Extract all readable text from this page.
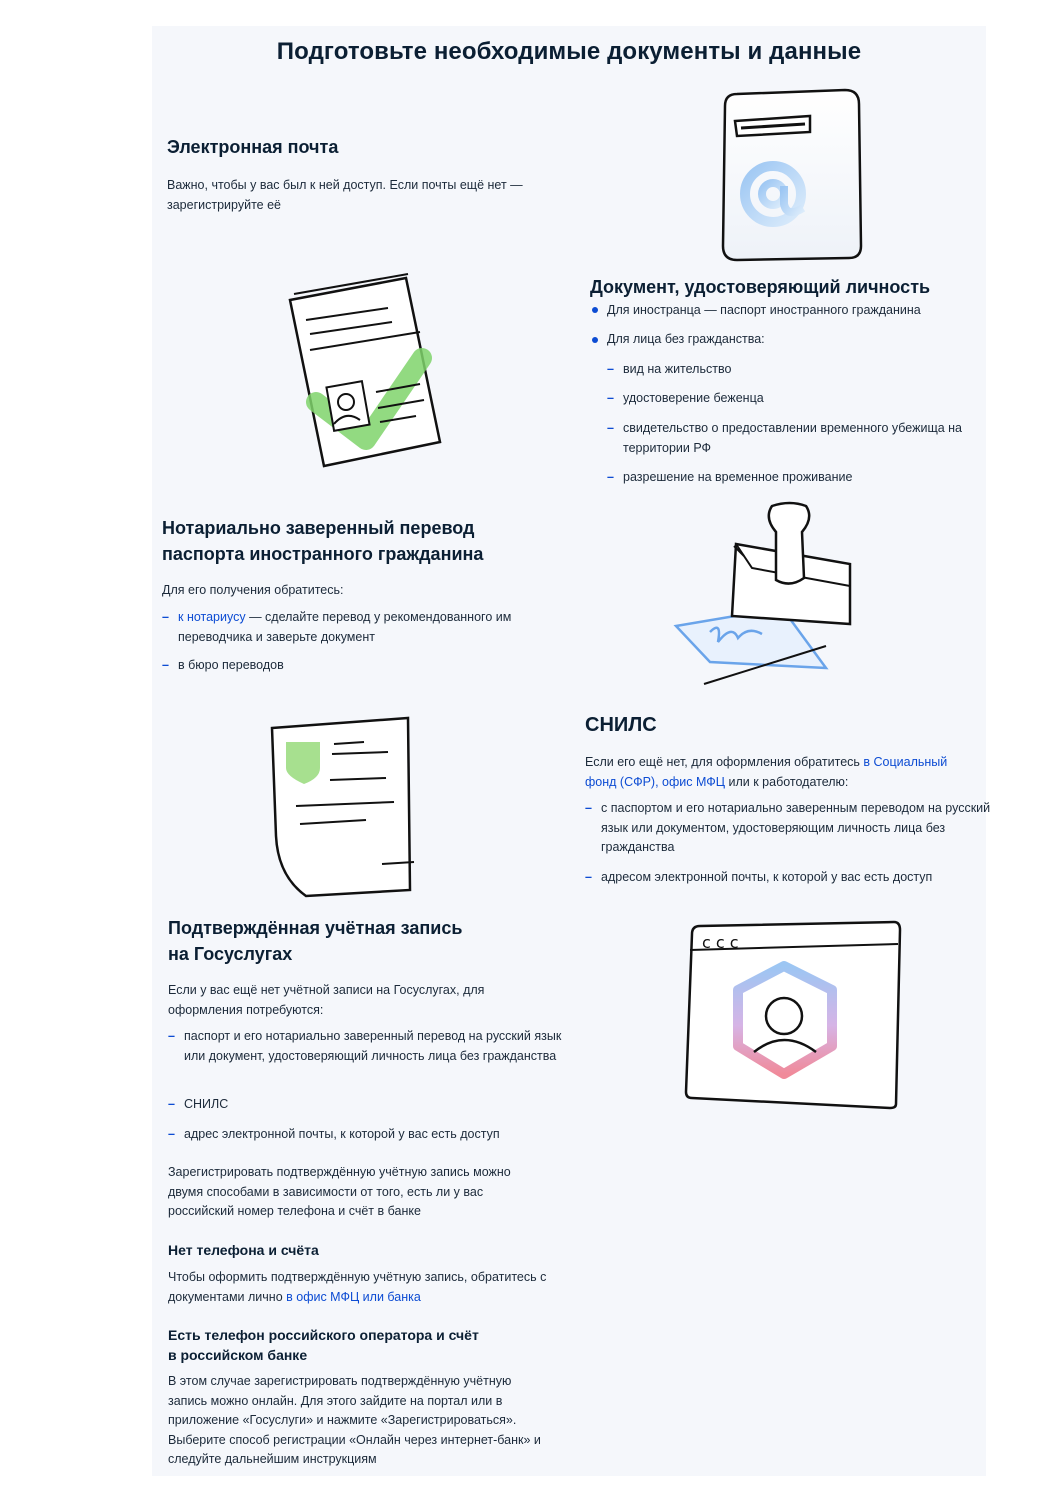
Подготовьте необходимые документы и данные
Электронная почта
Важно, чтобы у вас был к ней доступ. Если почты ещё нет — зарегистрируйте её
Документ, удостоверяющий личность
Для иностранца — паспорт иностранного гражданина
Для лица без гражданства:
– вид на жительство
– удостоверение беженца
– свидетельство о предоставлении временного убежища на территории РФ
– разрешение на временное проживание
Нотариально заверенный перевод
паспорта иностранного гражданина
Для его получения обратитесь:
– к нотариусу — сделайте перевод у рекомендованного им переводчика и заверьте документ
– в бюро переводов
СНИЛС
Если его ещё нет, для оформления обратитесь в Социальный фонд (СФР), офис МФЦ или к работодателю:
– с паспортом и его нотариально заверенным переводом на русский язык или документом, удостоверяющим личность лица без гражданства
– адресом электронной почты, к которой у вас есть доступ
c c c
Подтверждённая учётная запись
на Госуслугах
Если у вас ещё нет учётной записи на Госуслугах, для оформления потребуются:
– паспорт и его нотариально заверенный перевод на русский язык или документ, удостоверяющий личность лица без гражданства
– СНИЛС
– адрес электронной почты, к которой у вас есть доступ
Зарегистрировать подтверждённую учётную запись можно двумя способами в зависимости от того, есть ли у вас российский номер телефона и счёт в банке
Нет телефона и счёта
Чтобы оформить подтверждённую учётную запись, обратитесь с документами лично в офис МФЦ или банка
Есть телефон российского оператора и счёт
в российском банке
В этом случае зарегистрировать подтверждённую учётную запись можно онлайн. Для этого зайдите на портал или в приложение «Госуслуги» и нажмите «Зарегистрироваться». Выберите способ регистрации «Онлайн через интернет-банк» и следуйте дальнейшим инструкциям
